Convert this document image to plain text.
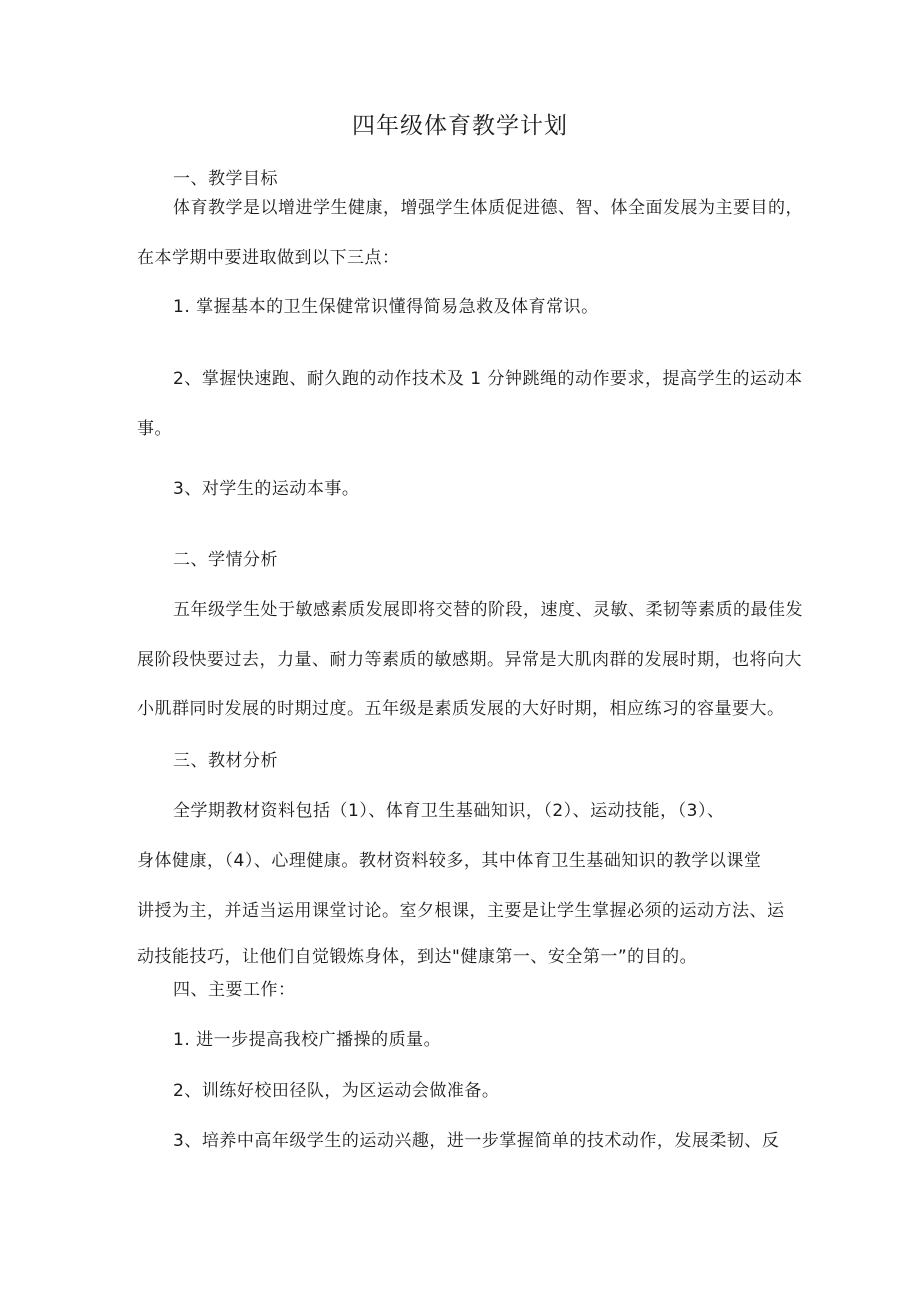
四年级体育教学计划
一、教学目标
体育教学是以增进学生健康，增强学生体质促进德、智、体全面发展为主要目的，
在本学期中要进取做到以下三点：
1. 掌握基本的卫生保健常识懂得简易急救及体育常识。
2、掌握快速跑、耐久跑的动作技术及 1 分钟跳绳的动作要求，提高学生的运动本
事。
3、对学生的运动本事。
二、学情分析
五年级学生处于敏感素质发展即将交替的阶段，速度、灵敏、柔韧等素质的最佳发
展阶段快要过去，力量、耐力等素质的敏感期。异常是大肌肉群的发展时期，也将向大
小肌群同时发展的时期过度。五年级是素质发展的大好时期，相应练习的容量要大。
三、教材分析
全学期教材资料包括（1）、体育卫生基础知识，（2）、运动技能，（3）、
身体健康，（4）、心理健康。教材资料较多，其中体育卫生基础知识的教学以课堂
讲授为主，并适当运用课堂讨论。室夕根课，主要是让学生掌握必须的运动方法、运
动技能技巧，让他们自觉锻炼身体，到达"健康第一、安全第一”的目的。
四、主要工作：
1. 进一步提高我校广播操的质量。
2、训练好校田径队，为区运动会做准备。
3、培养中高年级学生的运动兴趣，进一步掌握简单的技术动作，发展柔韧、反
